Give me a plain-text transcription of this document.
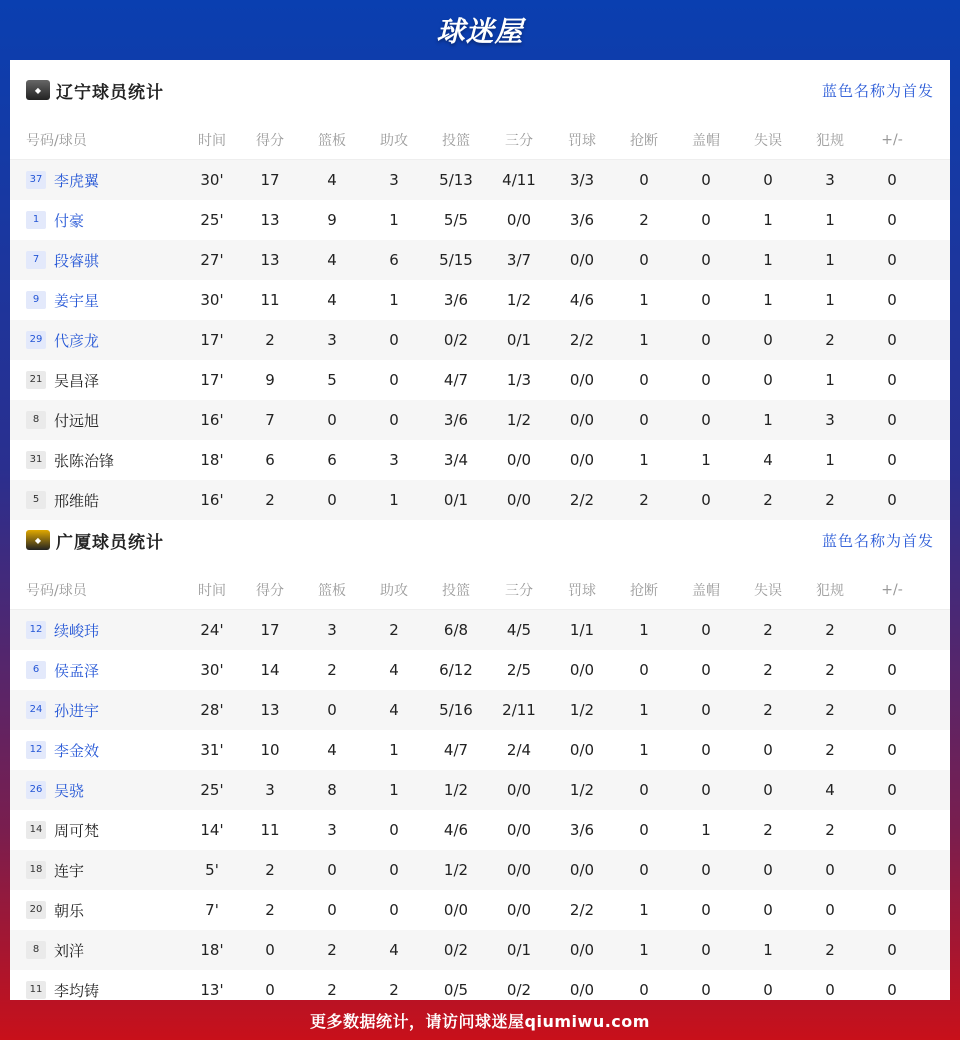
球迷屋
◆ 辽宁球员统计	蓝色名称为首发
号码/球员	时间	得分	篮板	助攻	投篮	三分	罚球	抢断	盖帽	失误	犯规	+/-
37 李虎翼	30'	17	4	3	5/13	4/11	3/3	0	0	0	3	0
1 付豪	25'	13	9	1	5/5	0/0	3/6	2	0	1	1	0
7 段睿骐	27'	13	4	6	5/15	3/7	0/0	0	0	1	1	0
9 姜宇星	30'	11	4	1	3/6	1/2	4/6	1	0	1	1	0
29 代彦龙	17'	2	3	0	0/2	0/1	2/2	1	0	0	2	0
21 吴昌泽	17'	9	5	0	4/7	1/3	0/0	0	0	0	1	0
8 付远旭	16'	7	0	0	3/6	1/2	0/0	0	0	1	3	0
31 张陈治锋	18'	6	6	3	3/4	0/0	0/0	1	1	4	1	0
5 邢维皓	16'	2	0	1	0/1	0/0	2/2	2	0	2	2	0
◆ 广厦球员统计	蓝色名称为首发
号码/球员	时间	得分	篮板	助攻	投篮	三分	罚球	抢断	盖帽	失误	犯规	+/-
12 续峻玮	24'	17	3	2	6/8	4/5	1/1	1	0	2	2	0
6 侯孟泽	30'	14	2	4	6/12	2/5	0/0	0	0	2	2	0
24 孙进宇	28'	13	0	4	5/16	2/11	1/2	1	0	2	2	0
12 李金效	31'	10	4	1	4/7	2/4	0/0	1	0	0	2	0
26 吴骁	25'	3	8	1	1/2	0/0	1/2	0	0	0	4	0
14 周可梵	14'	11	3	0	4/6	0/0	3/6	0	1	2	2	0
18 连宇	5'	2	0	0	1/2	0/0	0/0	0	0	0	0	0
20 朝乐	7'	2	0	0	0/0	0/0	2/2	1	0	0	0	0
8 刘洋	18'	0	2	4	0/2	0/1	0/0	1	0	1	2	0
11 李均铸	13'	0	2	2	0/5	0/2	0/0	0	0	0	0	0
更多数据统计，请访问球迷屋qiumiwu.com
